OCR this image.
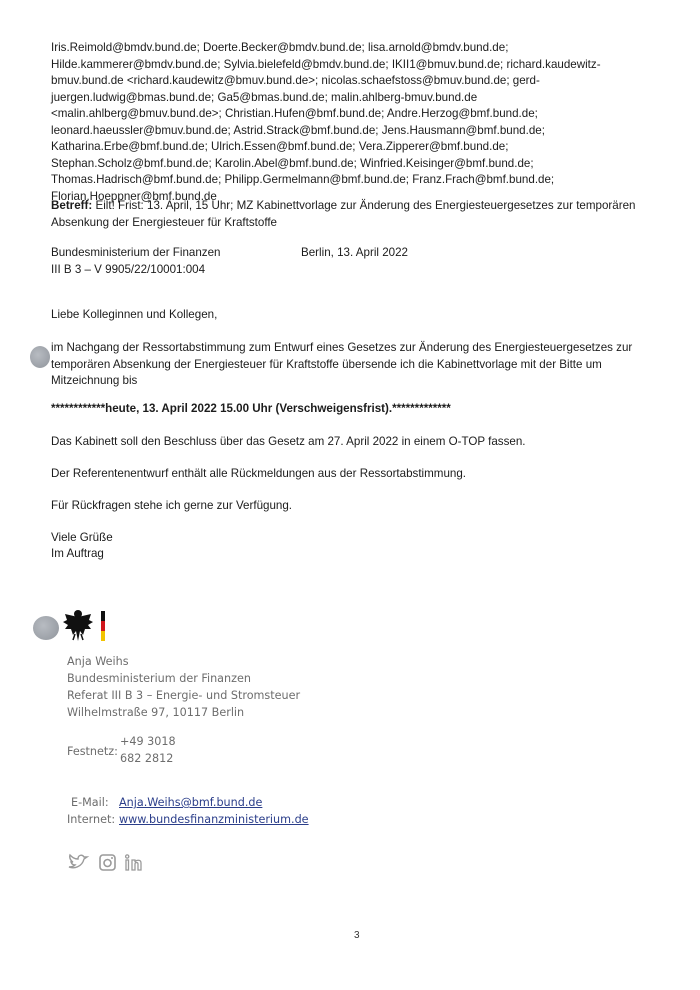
Iris.Reimold@bmdv.bund.de; Doerte.Becker@bmdv.bund.de; lisa.arnold@bmdv.bund.de;
Hilde.kammerer@bmdv.bund.de; Sylvia.bielefeld@bmdv.bund.de; IKII1@bmuv.bund.de; richard.kaudewitz-
bmuv.bund.de <richard.kaudewitz@bmuv.bund.de>; nicolas.schaefstoss@bmuv.bund.de; gerd-
juergen.ludwig@bmas.bund.de; Ga5@bmas.bund.de; malin.ahlberg-bmuv.bund.de
<malin.ahlberg@bmuv.bund.de>; Christian.Hufen@bmf.bund.de; Andre.Herzog@bmf.bund.de;
leonard.haeussler@bmuv.bund.de; Astrid.Strack@bmf.bund.de; Jens.Hausmann@bmf.bund.de;
Katharina.Erbe@bmf.bund.de; Ulrich.Essen@bmf.bund.de; Vera.Zipperer@bmf.bund.de;
Stephan.Scholz@bmf.bund.de; Karolin.Abel@bmf.bund.de; Winfried.Keisinger@bmf.bund.de;
Thomas.Hadrisch@bmf.bund.de; Philipp.Germelmann@bmf.bund.de; Franz.Frach@bmf.bund.de;
Florian.Hoeppner@bmf.bund.de
Betreff: Eilt! Frist: 13. April, 15 Uhr; MZ Kabinettvorlage zur Änderung des Energiesteuergesetzes zur temporären Absenkung der Energiesteuer für Kraftstoffe
Bundesministerium der Finanzen
III B 3 – V 9905/22/10001:004
Berlin, 13. April 2022
Liebe Kolleginnen und Kollegen,
im Nachgang der Ressortabstimmung zum Entwurf eines Gesetzes zur Änderung des Energiesteuergesetzes zur temporären Absenkung der Energiesteuer für Kraftstoffe übersende ich die Kabinettvorlage mit der Bitte um Mitzeichnung bis
************heute, 13. April 2022 15.00 Uhr (Verschweigensfrist).*************
Das Kabinett soll den Beschluss über das Gesetz am 27. April 2022 in einem O-TOP fassen.
Der Referentenentwurf enthält alle Rückmeldungen aus der Ressortabstimmung.
Für Rückfragen stehe ich gerne zur Verfügung.
Viele Grüße
Im Auftrag
Anja Weihs
Bundesministerium der Finanzen
Referat III B 3 – Energie- und Stromsteuer
Wilhelmstraße 97, 10117 Berlin
Festnetz:
+49 3018
682 2812
E-Mail: Anja.Weihs@bmf.bund.de
Internet: www.bundesfinanzministerium.de
3
